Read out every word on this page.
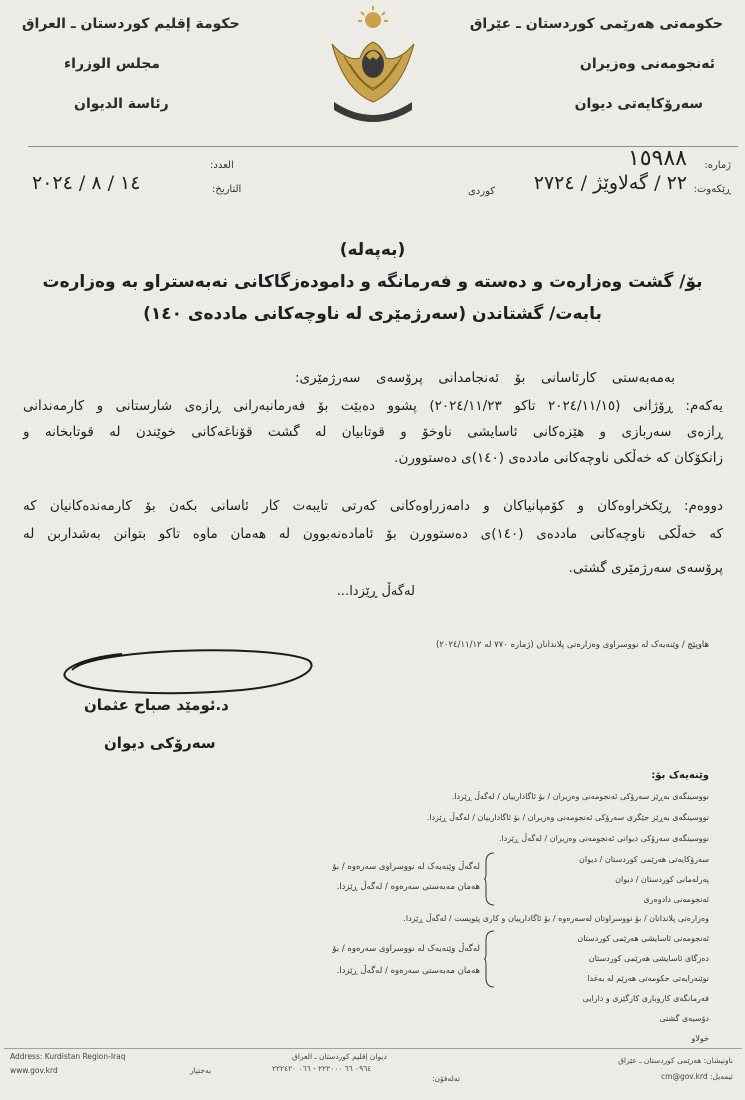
حکومەتی هەرێمی کوردستان ـ عێراق
ئەنجومەنی وەزیران
سەرۆکایەتی دیوان
حكومة إقليم كوردستان ـ العراق
مجلس الوزراء
رئاسة الديوان
ژمارە:
١٥٩٨٨
ڕێکەوت:
٢٢ / گەلاوێژ / ٢٧٢٤
کوردی
العدد:
التاريخ:
١٤ / ٨ / ٢٠٢٤
(بەپەلە)
بۆ/ گشت وەزارەت و دەستە و فەرمانگە و دامودەزگاکانی نەبەستراو بە وەزارەت
بابەت/ گشتاندن (سەرژمێری لە ناوچەکانی ماددەی ١٤٠)
بەمەبەستی کارئاسانی بۆ ئەنجامدانی پرۆسەی سەرژمێری:
یەکەم: ڕۆژانی (٢٠٢٤/١١/١٥ تاکو ٢٠٢٤/١١/٢٣) پشوو دەبێت بۆ فەرمانبەرانی ڕازەی شارستانی و کارمەندانی
ڕازەی سەربازی و هێزەکانی ئاسایشی ناوخۆ و قوتابیان لە گشت قۆناغەکانی خوێندن لە قوتابخانە و
زانکۆکان کە خەڵکی ناوچەکانی ماددەی (١٤٠)ی دەستوورن.
دووەم: ڕێکخراوەکان و کۆمپانیاکان و دامەزراوەکانی کەرتی تایبەت کار ئاسانی بکەن بۆ کارمەندەکانیان کە
کە خەڵکی ناوچەکانی ماددەی (١٤٠)ی دەستوورن بۆ ئامادەنەبوون لە هەمان ماوە تاکو بتوانن بەشداربن لە
پرۆسەی سەرژمێری گشتی.
لەگەڵ ڕێزدا...
هاوپێچ / وێنەیەک لە نووسراوی وەزارەتی پلاندانان (ژمارە ٧٧٠ لە ٢٠٢٤/١١/١٢)
د.ئومێد صباح عثمان
سەرۆکی دیوان
وێنەیەک بۆ:
نووسینگەی بەڕێز سەرۆکی ئەنجومەنی وەزیران / بۆ ئاگادارییان / لەگەڵ ڕێزدا.
نووسینگەی بەڕێز جێگری سەرۆکی ئەنجومەنی وەزیران / بۆ ئاگادارییان / لەگەڵ ڕێزدا.
نووسینگەی سەرۆکی دیوانی ئەنجومەنی وەزیران / لەگەڵ ڕێزدا.
سەرۆکایەتی هەرێمی کوردستان / دیوان
پەرلەمانی کوردستان / دیوان
ئەنجومەنی دادوەری
وەزارەتی پلاندانان / بۆ نووسراوتان لەسەرەوە / بۆ ئاگادارییان و کاری پێویست / لەگەڵ ڕێزدا.
ئەنجومەنی ئاسایشی هەرێمی کوردستان
دەزگای ئاسایشی هەرێمی کوردستان
نوێنەرایەتی حکومەتی هەرێم لە بەغدا
فەرمانگەی کاروباری کارگێری و دارایی
دۆسیەی گشتی
خولاو
لەگەڵ وێنەیەک لە نووسراوی سەرەوە / بۆ
هەمان مەبەستی سەرەوە / لەگەڵ ڕێزدا.
لەگەڵ وێنەیەک لە نووسراوی سەرەوە / بۆ
هەمان مەبەستی سەرەوە / لەگەڵ ڕێزدا.
Address: Kurdistan Region-Iraq
www.gov.krd	بەختیار
دیوان إقليم كوردستان ـ العراق
٠٩٦٤ ٦٦ ٢٢٢٠٠٠ - ٠٦٦ ٢٢٢٤٢٠
تەلەفۆن:
ناونیشان: هەرێمی کوردستان ـ عێراق
ئیمەیل: cm@gov.krd
